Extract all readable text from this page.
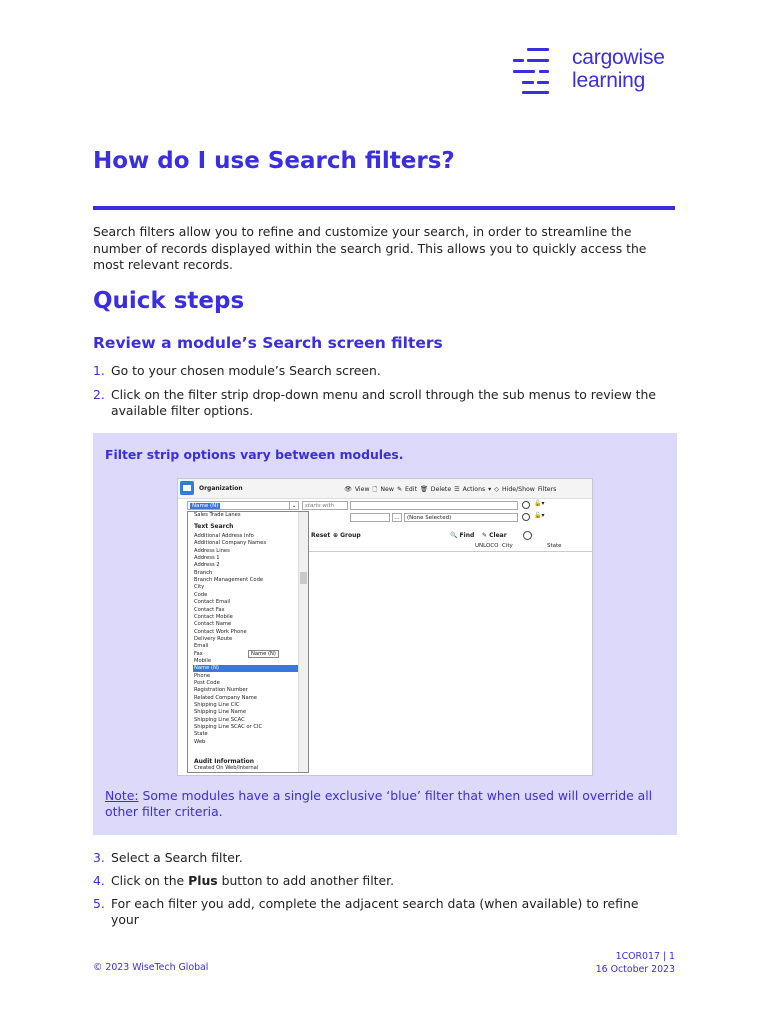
cargowise
learning
How do I use Search filters?

Search filters allow you to refine and customize your search, in order to streamline the number of records displayed within the search grid. This allows you to quickly access the most relevant records.

Quick steps
Review a module’s Search screen filters
1. Go to your chosen module’s Search screen.
2. Click on the filter strip drop-down menu and scroll through the sub menus to review the available filter options.
Filter strip options vary between modules.
Organization	👁 View 🗋 New ✎ Edit 🗑 Delete ☰ Actions ▾ ◇ Hide/Show Filters
Name (N)	⌄	starts with	🔓▾
…	(None Selected)	🔓▾
Reset ⊕ Group	🔍 Find ✎ Clear
UNLOCO City	State
Sales Trade Lanes
Text Search
Additional Address Info
Additional Company Names
Address Lines
Address 1
Address 2
Branch
Branch Management Code
City
Code
Contact Email
Contact Fax
Contact Mobile
Contact Name
Contact Work Phone
Delivery Route
Email
Fax
Mobile
Name (N)
Phone
Post Code
Registration Number
Related Company Name
Shipping Line CIC
Shipping Line Name
Shipping Line SCAC
Shipping Line SCAC or CIC
State
Web
Audit Information
Created On Web/Internal
Name (N)
Note: Some modules have a single exclusive ‘blue’ filter that when used will override all other filter criteria.
3. Select a Search filter.
4. Click on the Plus button to add another filter.
5. For each filter you add, complete the adjacent search data (when available) to refine your
© 2023 WiseTech Global
1COR017 | 1
16 October 2023
